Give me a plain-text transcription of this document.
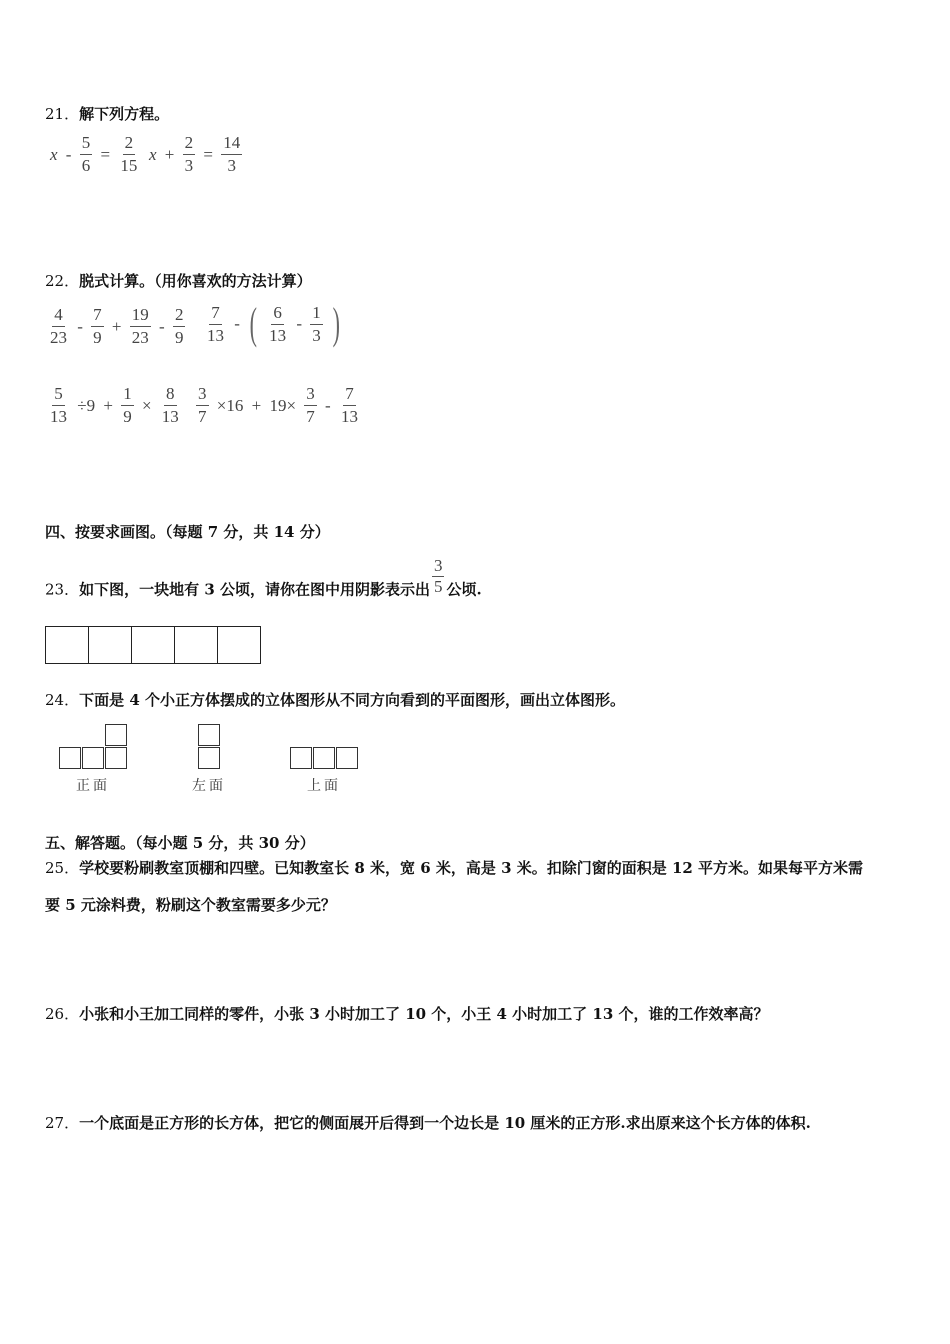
21．解下列方程。
$x - \frac{5}{6} = \frac{2}{15}$ $x + \frac{2}{3} = \frac{14}{3}$
22．脱式计算。（用你喜欢的方法计算）
$\frac{4}{23} - \frac{7}{9} + \frac{19}{23} - \frac{2}{9} \frac{7}{13}$ - ( $\frac{6}{13} - \frac{1}{3}$ )
$\frac{5}{13} \div 9 + \frac{1}{9} \times \frac{8}{13} \frac{3}{7} \times 16 + 19\times \frac{3}{7} - \frac{7}{13}$
四、按要求画图。（每题 7 分，共 14 分）
23．如下图，一块地有 3 公顷，请你在图中用阴影表示出 $\frac{3}{5}$ 公顷.
24．下面是 4 个小正方体摆成的立体图形从不同方向看到的平面图形，画出立体图形。
正面	左面	上面
五、解答题。（每小题 5 分，共 30 分）
25．学校要粉刷教室顶棚和四壁。已知教室长 8 米，宽 6 米，高是 3 米。扣除门窗的面积是 12 平方米。如果每平方米需
要 5 元涂料费，粉刷这个教室需要多少元？
26．小张和小王加工同样的零件，小张 3 小时加工了 10 个，小王 4 小时加工了 13 个，谁的工作效率高？
27．一个底面是正方形的长方体，把它的侧面展开后得到一个边长是 10 厘米的正方形.求出原来这个长方体的体积.
